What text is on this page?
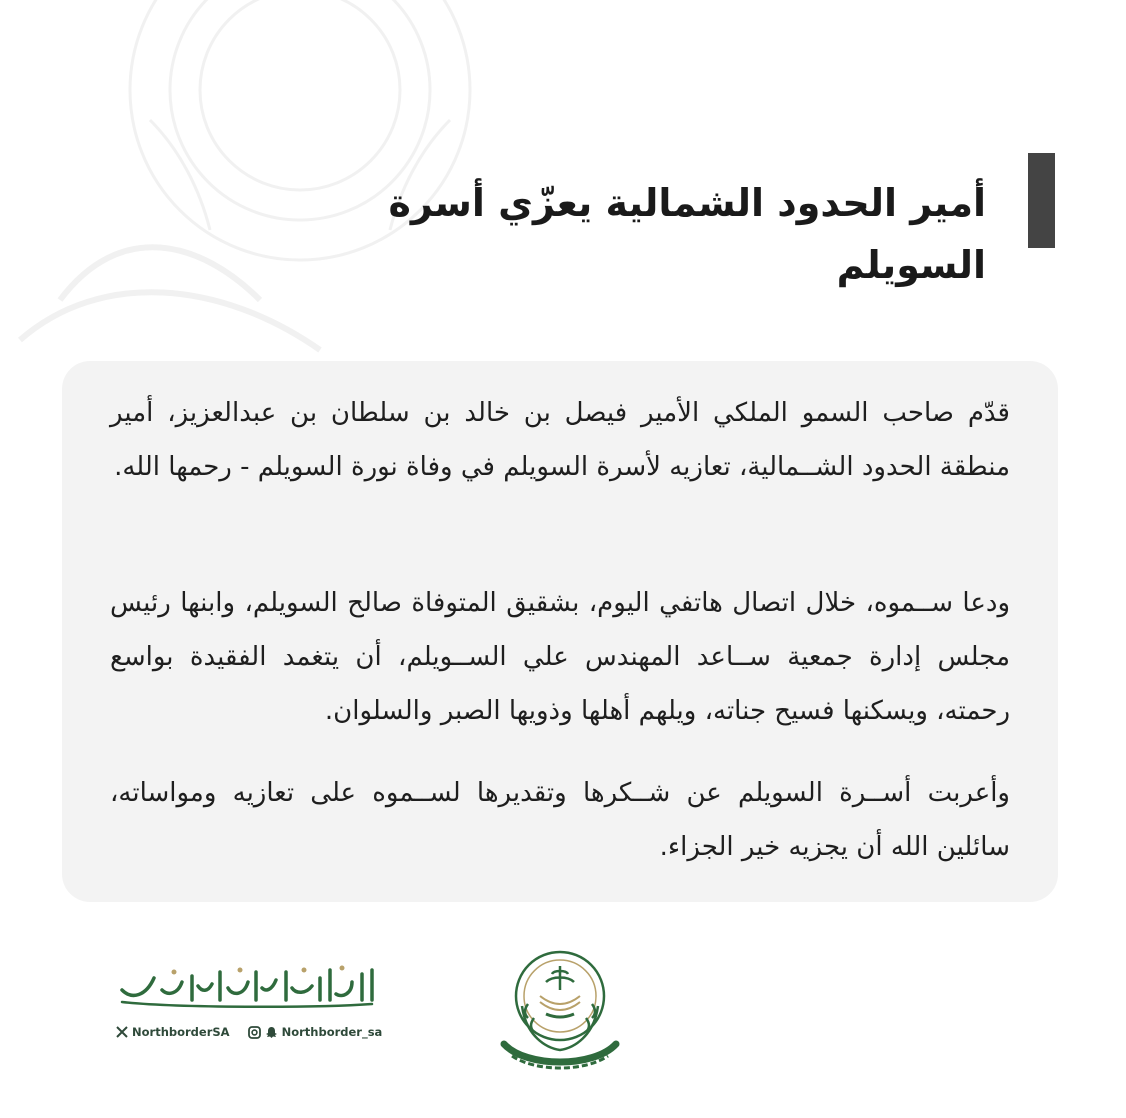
أمير الحدود الشمالية يعزّي أسرة السويلم

قدّم صاحب السمو الملكي الأمير فيصل بن خالد بن سلطان بن عبدالعزيز، أمير منطقة الحدود الشــمالية، تعازيه لأسرة السويلم في وفاة نورة السويلم - رحمها الله.

ودعا ســموه، خلال اتصال هاتفي اليوم، بشقيق المتوفاة صالح السويلم، وابنها رئيس مجلس إدارة جمعية ســاعد المهندس علي الســويلم، أن يتغمد الفقيدة بواسع رحمته، ويسكنها فسيح جناته، ويلهم أهلها وذويها الصبر والسلوان.

وأعربت أســرة السويلم عن شــكرها وتقديرها لســموه على تعازيه ومواساته، سائلين الله أن يجزيه خير الجزاء.

NorthborderSA	Northborder_sa
